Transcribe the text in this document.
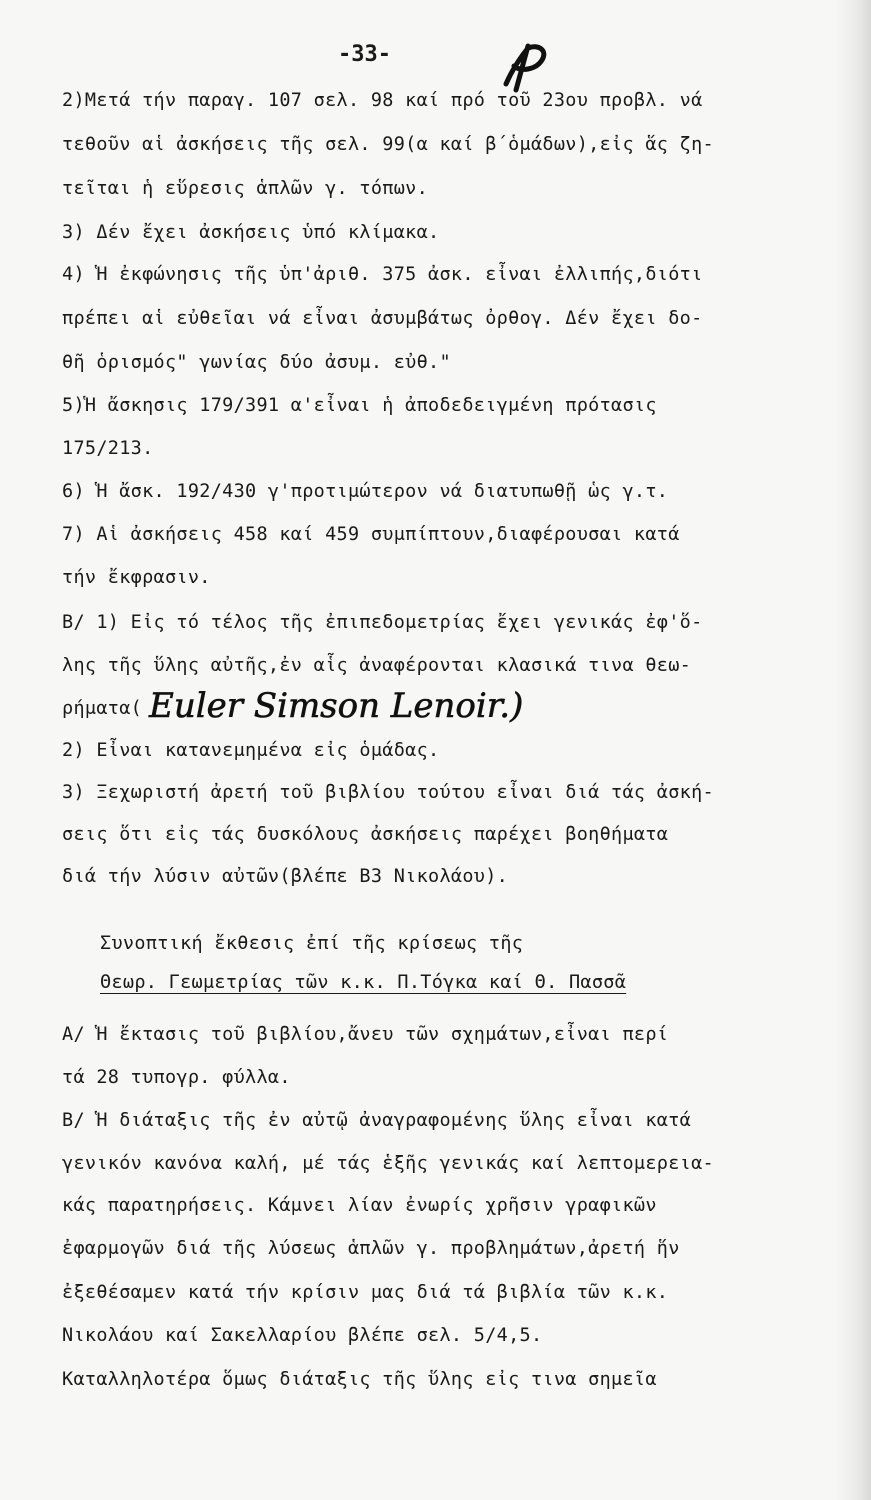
-33-
2)Μετά τήν παραγ. 107 σελ. 98 καί πρό τοῦ 23ου προβλ. νά
τεθοῦν αἱ ἀσκήσεις τῆς σελ. 99(α καί β΄ὁμάδων),εἰς ἅς ζη-
τεῖται ἡ εὕρεσις ἁπλῶν γ. τόπων.
3) Δέν ἔχει ἀσκήσεις ὑπό κλίμακα.
4) Ἡ ἐκφώνησις τῆς ὑπ'ἀριθ. 375 ἀσκ. εἶναι ἐλλιπής,διότι
πρέπει αἱ εὐθεῖαι νά εἶναι ἀσυμβάτως ὀρθογ. Δέν ἔχει δο-
θῆ ὁρισμός" γωνίας δύο ἀσυμ. εὐθ."
5)Ἡ ἄσκησις 179/391 α'εἶναι ἡ ἀποδεδειγμένη πρότασις
175/213.
6) Ἡ ἄσκ. 192/430 γ'προτιμώτερον νά διατυπωθῇ ὡς γ.τ.
7) Αἱ ἀσκήσεις 458 καί 459 συμπίπτουν,διαφέρουσαι κατά
τήν ἔκφρασιν.
Β/ 1) Εἰς τό τέλος τῆς ἐπιπεδομετρίας ἔχει γενικάς ἐφ'ὅ-
λης τῆς ὕλης αὐτῆς,ἐν αἷς ἀναφέρονται κλασικά τινα θεω-
ρήματα( Euler Simson Lenoir.)
2) Εἶναι κατανεμημένα εἰς ὁμάδας.
3) Ξεχωριστή ἀρετή τοῦ βιβλίου τούτου εἶναι διά τάς ἀσκή-
σεις ὅτι εἰς τάς δυσκόλους ἀσκήσεις παρέχει βοηθήματα
διά τήν λύσιν αὐτῶν(βλέπε Β3 Νικολάου).
Συνοπτική ἔκθεσις ἐπί τῆς κρίσεως τῆς
Θεωρ. Γεωμετρίας τῶν κ.κ. Π.Τόγκα καί Θ. Πασσᾶ
Α/ Ἡ ἔκτασις τοῦ βιβλίου,ἄνευ τῶν σχημάτων,εἶναι περί
τά 28 τυπογρ. φύλλα.
Β/ Ἡ διάταξις τῆς ἐν αὐτῷ ἀναγραφομένης ὕλης εἶναι κατά
γενικόν κανόνα καλή, μέ τάς ἑξῆς γενικάς καί λεπτομερεια-
κάς παρατηρήσεις. Κάμνει λίαν ἐνωρίς χρῆσιν γραφικῶν
ἐφαρμογῶν διά τῆς λύσεως ἁπλῶν γ. προβλημάτων,ἀρετή ἥν
ἐξεθέσαμεν κατά τήν κρίσιν μας διά τά βιβλία τῶν κ.κ.
Νικολάου καί Σακελλαρίου βλέπε σελ. 5/4,5.
Καταλληλοτέρα ὅμως διάταξις τῆς ὕλης εἰς τινα σημεῖα
